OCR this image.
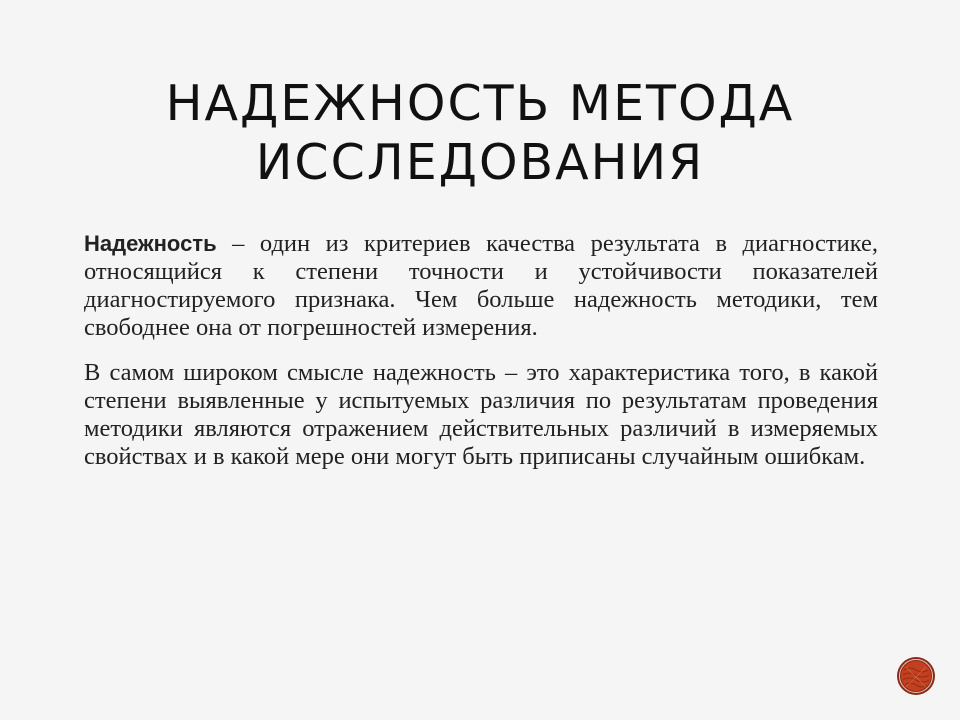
НАДЕЖНОСТЬ МЕТОДА
ИССЛЕДОВАНИЯ

Надежность – один из критериев качества результата в диагностике, относящийся к степени точности и устойчивости показателей диагностируемого признака. Чем больше надежность методики, тем свободнее она от погрешностей измерения.

В самом широком смысле надежность – это характеристика того, в какой степени выявленные у испытуемых различия по результатам проведения методики являются отражением действительных различий в измеряемых свойствах и в какой мере они могут быть приписаны случайным ошибкам.
